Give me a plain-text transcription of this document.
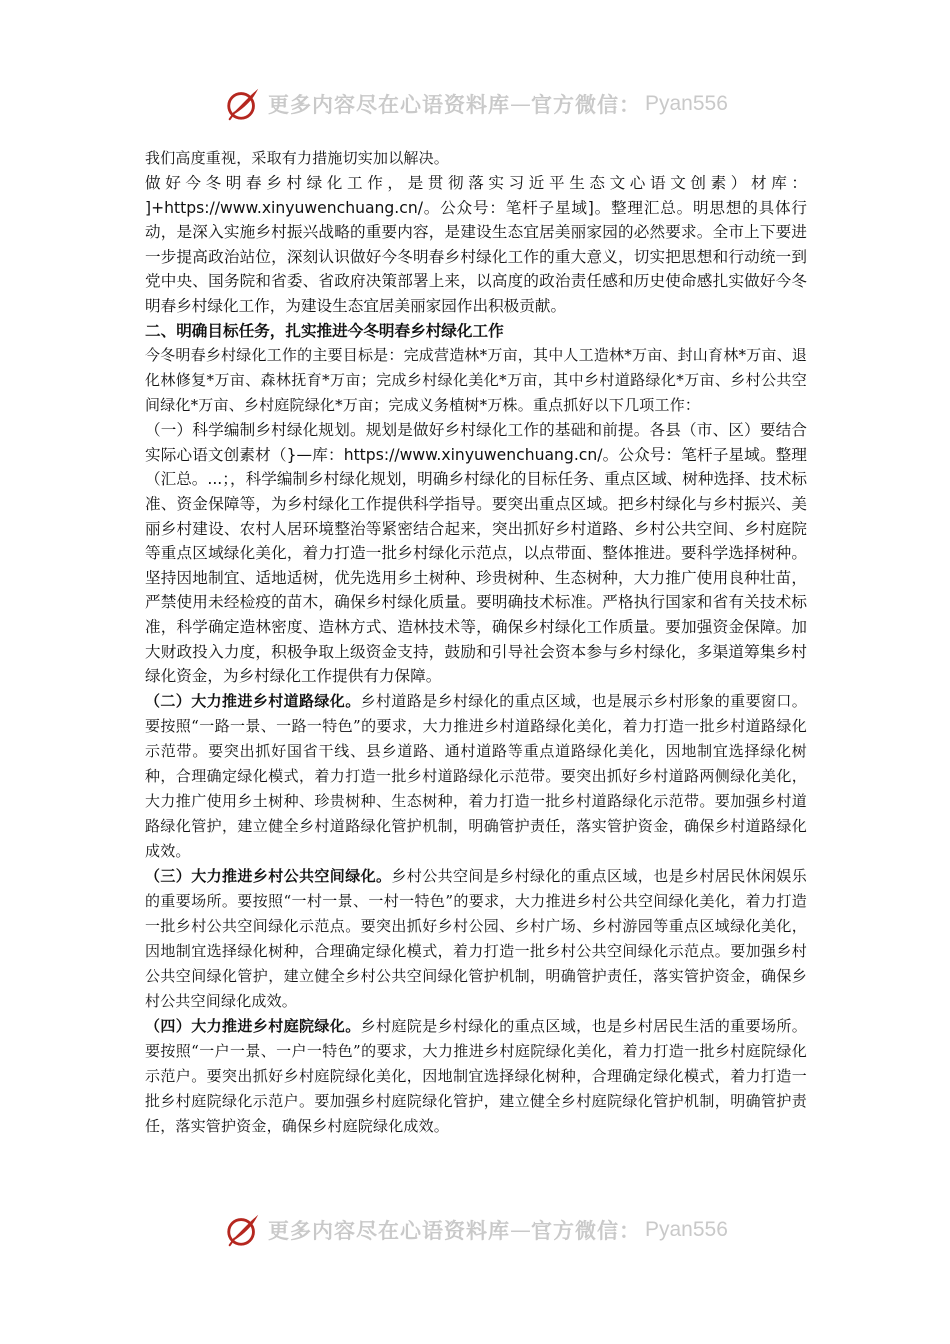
更多内容尽在心语资料库 — 官方微信： Pyan556

我们高度重视，采取有力措施切实加以解决。

做好今冬明春乡村绿化工作，是贯彻落实习近平生态文心语文创素）材库： ]+https://www.xinyuwenchuang.cn/。公众号：笔杆子星域]。整理汇总。明思想的具体行动，是深入实施乡村振兴战略的重要内容，是建设生态宜居美丽家园的必然要求。全市上下要进一步提高政治站位，深刻认识做好今冬明春乡村绿化工作的重大意义，切实把思想和行动统一到党中央、国务院和省委、省政府决策部署上来，以高度的政治责任感和历史使命感扎实做好今冬明春乡村绿化工作，为建设生态宜居美丽家园作出积极贡献。

二、明确目标任务，扎实推进今冬明春乡村绿化工作

今冬明春乡村绿化工作的主要目标是：完成营造林*万亩，其中人工造林*万亩、封山育林*万亩、退化林修复*万亩、森林抚育*万亩；完成乡村绿化美化*万亩，其中乡村道路绿化*万亩、乡村公共空间绿化*万亩、乡村庭院绿化*万亩；完成义务植树*万株。重点抓好以下几项工作：

（一）科学编制乡村绿化规划。规划是做好乡村绿化工作的基础和前提。各县（市、区）要结合实际心语文创素材（}—库：https://www.xinyuwenchuang.cn/。公众号：笔杆子星域。整理（汇总。...；，科学编制乡村绿化规划，明确乡村绿化的目标任务、重点区域、树种选择、技术标准、资金保障等，为乡村绿化工作提供科学指导。要突出重点区域。把乡村绿化与乡村振兴、美丽乡村建设、农村人居环境整治等紧密结合起来，突出抓好乡村道路、乡村公共空间、乡村庭院等重点区域绿化美化，着力打造一批乡村绿化示范点，以点带面、整体推进。要科学选择树种。坚持因地制宜、适地适树，优先选用乡土树种、珍贵树种、生态树种，大力推广使用良种壮苗，严禁使用未经检疫的苗木，确保乡村绿化质量。要明确技术标准。严格执行国家和省有关技术标准，科学确定造林密度、造林方式、造林技术等，确保乡村绿化工作质量。要加强资金保障。加大财政投入力度，积极争取上级资金支持，鼓励和引导社会资本参与乡村绿化，多渠道筹集乡村绿化资金，为乡村绿化工作提供有力保障。

（二）大力推进乡村道路绿化。乡村道路是乡村绿化的重点区域，也是展示乡村形象的重要窗口。要按照“一路一景、一路一特色”的要求，大力推进乡村道路绿化美化，着力打造一批乡村道路绿化示范带。要突出抓好国省干线、县乡道路、通村道路等重点道路绿化美化，因地制宜选择绿化树种，合理确定绿化模式，着力打造一批乡村道路绿化示范带。要突出抓好乡村道路两侧绿化美化，大力推广使用乡土树种、珍贵树种、生态树种，着力打造一批乡村道路绿化示范带。要加强乡村道路绿化管护，建立健全乡村道路绿化管护机制，明确管护责任，落实管护资金，确保乡村道路绿化成效。

（三）大力推进乡村公共空间绿化。乡村公共空间是乡村绿化的重点区域，也是乡村居民休闲娱乐的重要场所。要按照“一村一景、一村一特色”的要求，大力推进乡村公共空间绿化美化，着力打造一批乡村公共空间绿化示范点。要突出抓好乡村公园、乡村广场、乡村游园等重点区域绿化美化，因地制宜选择绿化树种，合理确定绿化模式，着力打造一批乡村公共空间绿化示范点。要加强乡村公共空间绿化管护，建立健全乡村公共空间绿化管护机制，明确管护责任，落实管护资金，确保乡村公共空间绿化成效。

（四）大力推进乡村庭院绿化。乡村庭院是乡村绿化的重点区域，也是乡村居民生活的重要场所。要按照“一户一景、一户一特色”的要求，大力推进乡村庭院绿化美化，着力打造一批乡村庭院绿化示范户。要突出抓好乡村庭院绿化美化，因地制宜选择绿化树种，合理确定绿化模式，着力打造一批乡村庭院绿化示范户。要加强乡村庭院绿化管护，建立健全乡村庭院绿化管护机制，明确管护责任，落实管护资金，确保乡村庭院绿化成效。

更多内容尽在心语资料库 — 官方微信： Pyan556
